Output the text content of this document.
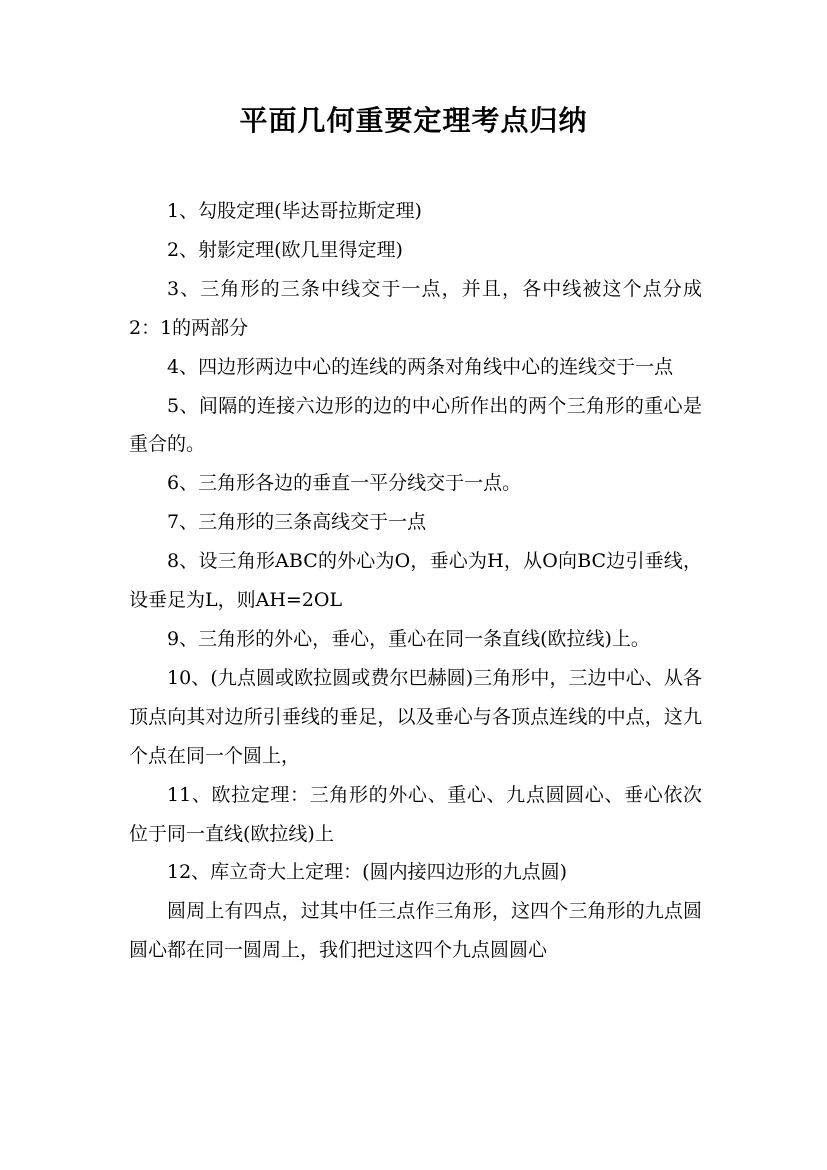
平面几何重要定理考点归纳

1、勾股定理(毕达哥拉斯定理)

2、射影定理(欧几里得定理)

3、三角形的三条中线交于一点，并且，各中线被这个点分成2：1的两部分

4、四边形两边中心的连线的两条对角线中心的连线交于一点

5、间隔的连接六边形的边的中心所作出的两个三角形的重心是重合的。

6、三角形各边的垂直一平分线交于一点。

7、三角形的三条高线交于一点

8、设三角形ABC的外心为O，垂心为H，从O向BC边引垂线，设垂足为L，则AH=2OL

9、三角形的外心，垂心，重心在同一条直线(欧拉线)上。

10、(九点圆或欧拉圆或费尔巴赫圆)三角形中，三边中心、从各顶点向其对边所引垂线的垂足，以及垂心与各顶点连线的中点，这九个点在同一个圆上，

11、欧拉定理：三角形的外心、重心、九点圆圆心、垂心依次位于同一直线(欧拉线)上

12、库立奇大上定理：(圆内接四边形的九点圆)

圆周上有四点，过其中任三点作三角形，这四个三角形的九点圆圆心都在同一圆周上，我们把过这四个九点圆圆心
